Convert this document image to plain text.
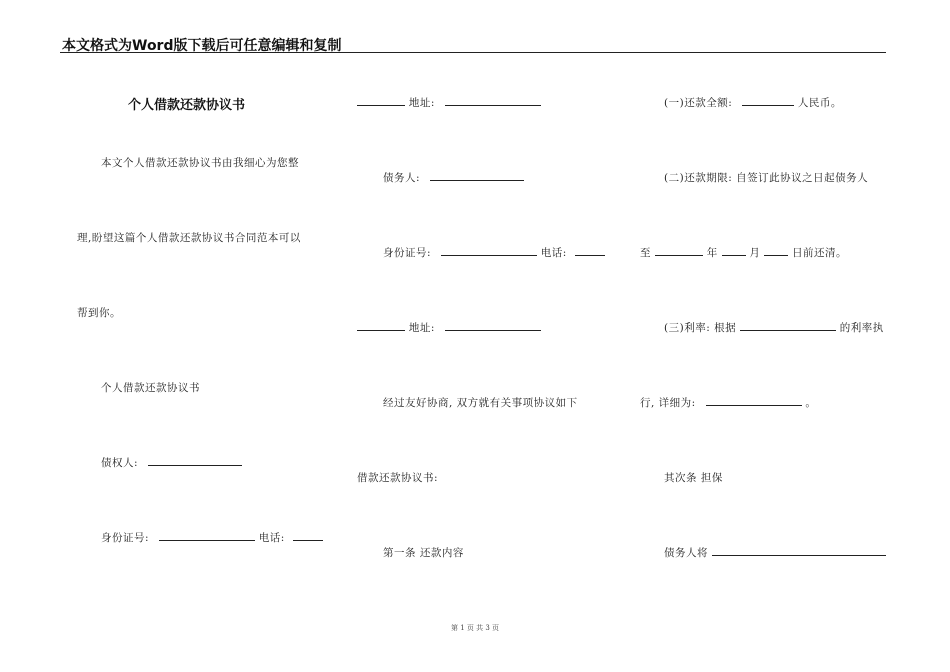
本文格式为Word版下载后可任意编辑和复制
个人借款还款协议书
本文个人借款还款协议书由我细心为您整
理,盼望这篇个人借款还款协议书合同范本可以
帮到你。
个人借款还款协议书
债权人:
身份证号:	电话:
地址:
债务人:
身份证号:	电话:
地址:
经过友好协商, 双方就有关事项协议如下
借款还款协议书:
第一条 还款内容
(一)还款全额:	人民币。
(二)还款期限: 自签订此协议之日起债务人
至	年	月	日前还清。
(三)利率: 根据	的利率执
行, 详细为:	。
其次条 担保
债务人将
第 1 页 共 3 页
